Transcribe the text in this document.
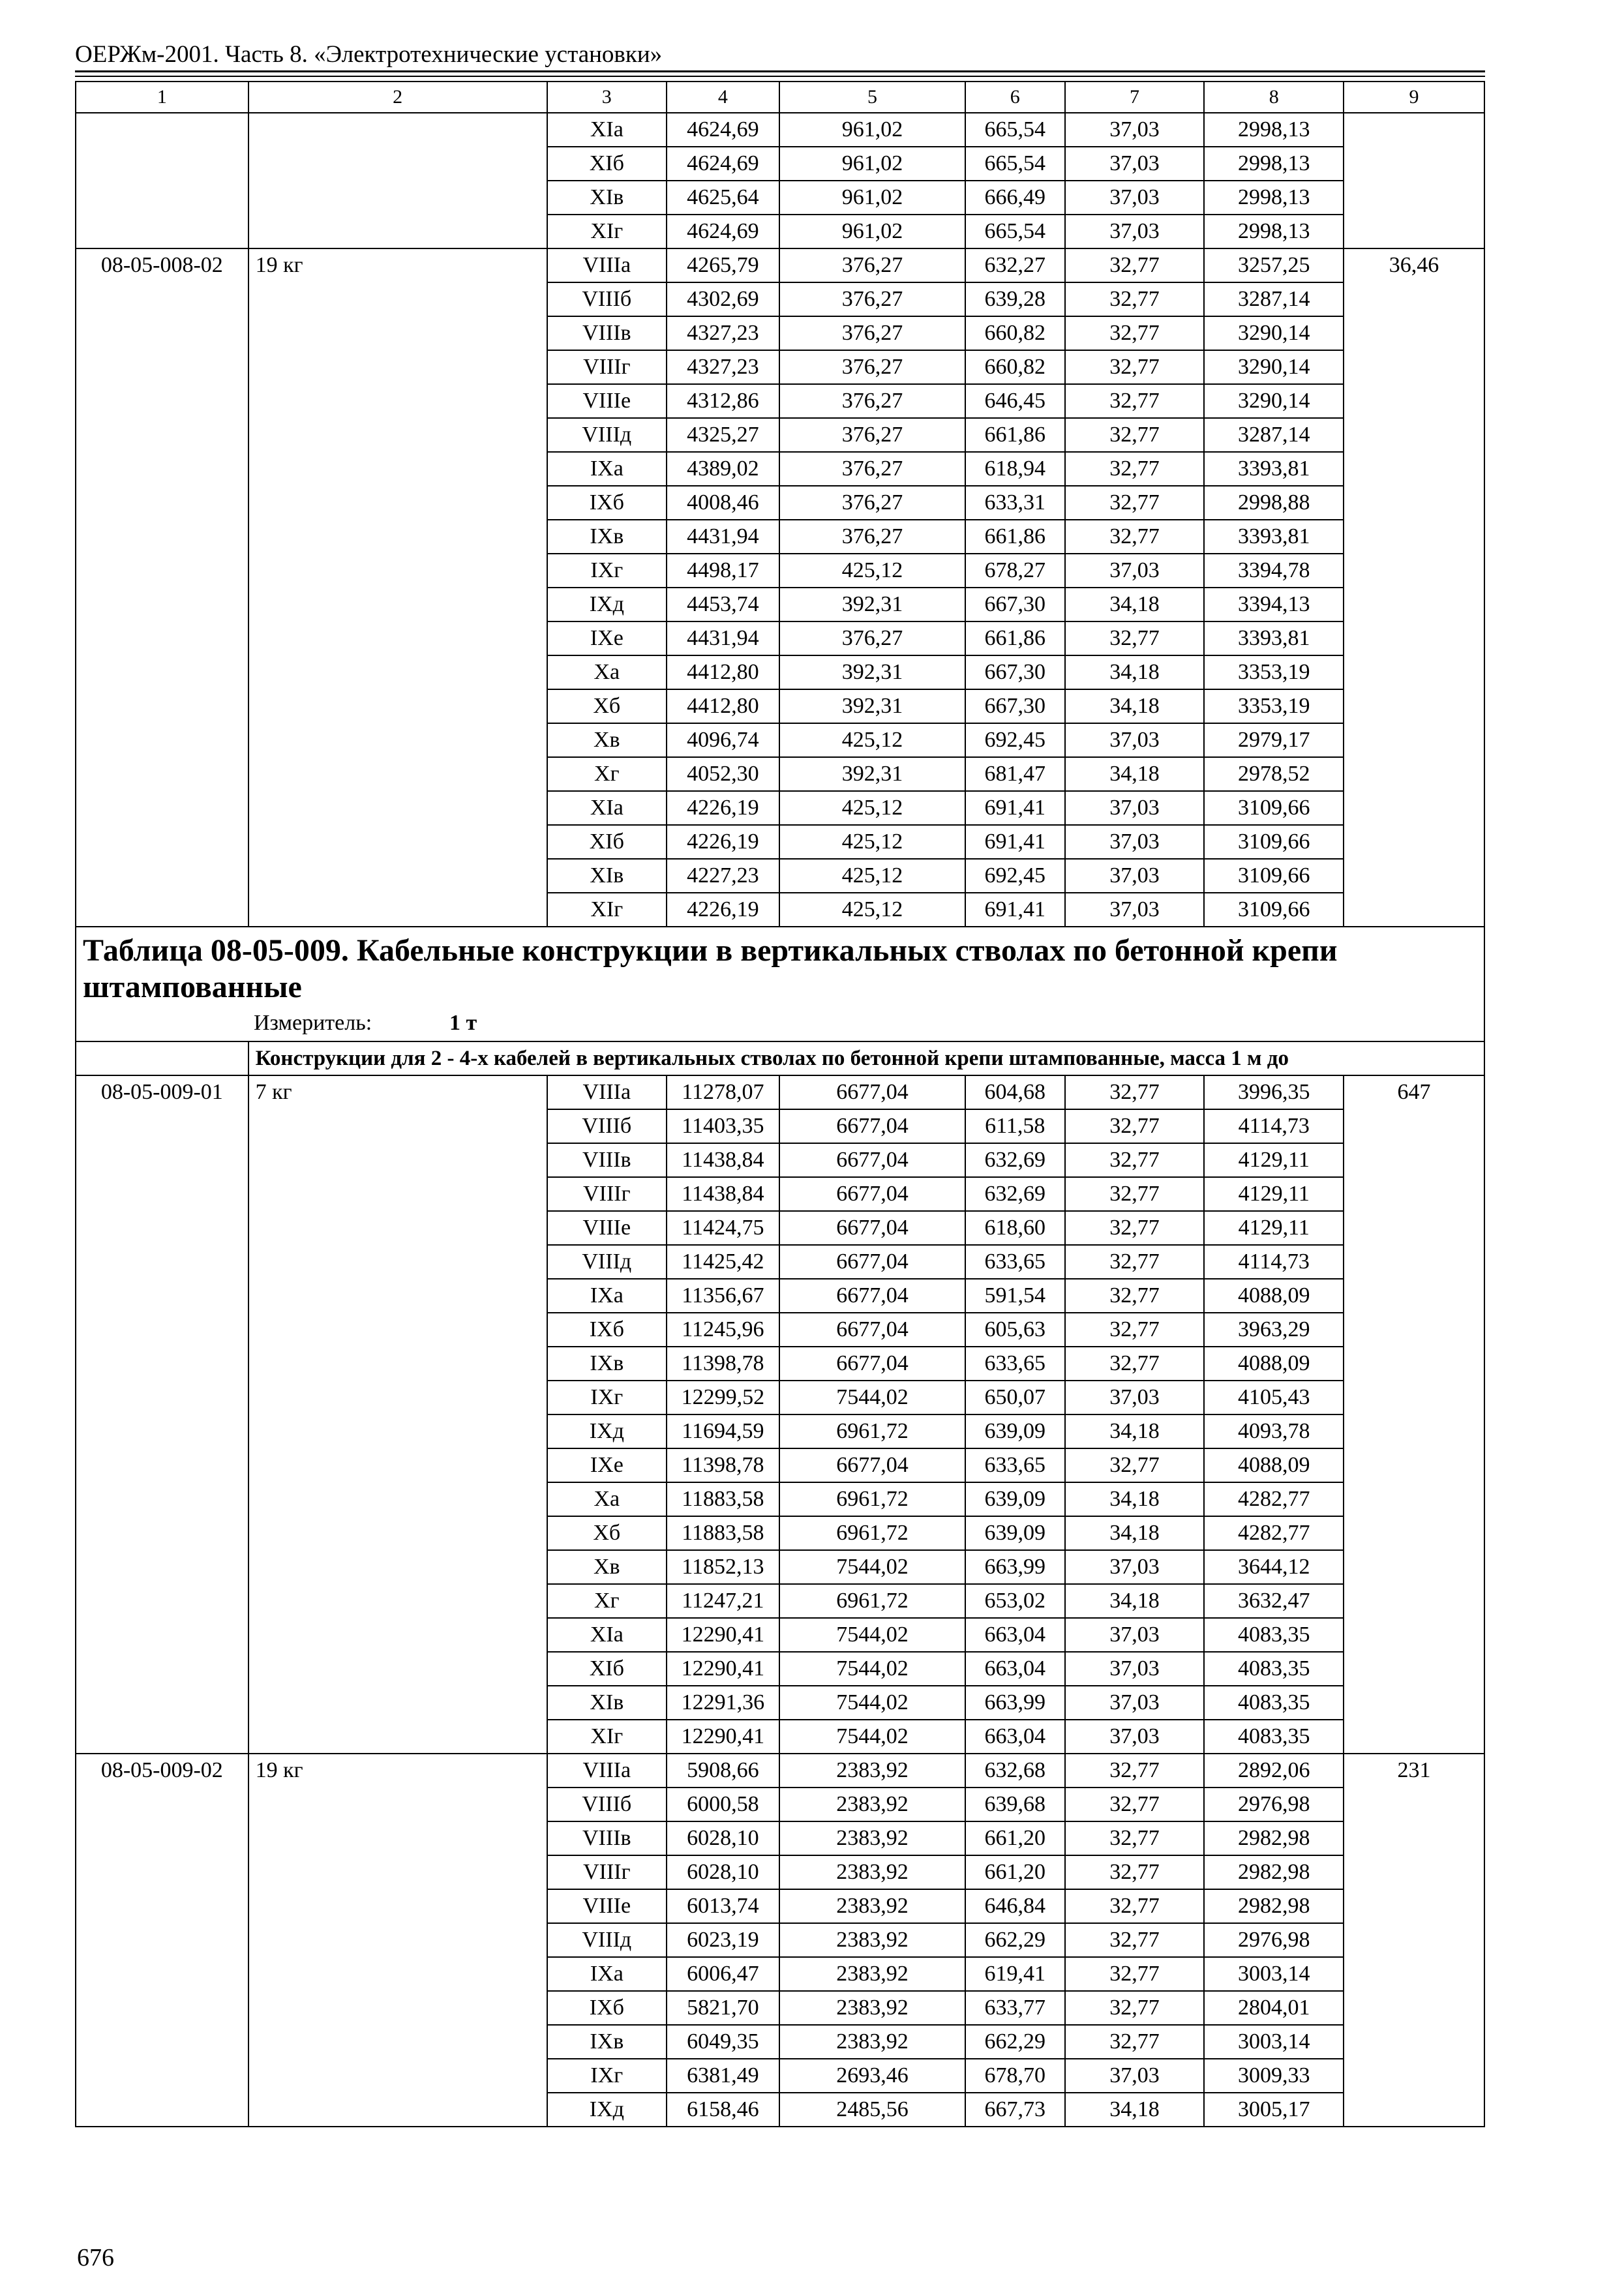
ОЕРЖм-2001. Часть 8. «Электротехнические установки»
1	2	3	4	5	6	7	8	9
		XIа	4624,69	961,02	665,54	37,03	2998,13	
		XIб	4624,69	961,02	665,54	37,03	2998,13	
		XIв	4625,64	961,02	666,49	37,03	2998,13	
		XIг	4624,69	961,02	665,54	37,03	2998,13	
08-05-008-02	19 кг	VIIIа	4265,79	376,27	632,27	32,77	3257,25	36,46
		VIIIб	4302,69	376,27	639,28	32,77	3287,14	
		VIIIв	4327,23	376,27	660,82	32,77	3290,14	
		VIIIг	4327,23	376,27	660,82	32,77	3290,14	
		VIIIе	4312,86	376,27	646,45	32,77	3290,14	
		VIIIд	4325,27	376,27	661,86	32,77	3287,14	
		IXа	4389,02	376,27	618,94	32,77	3393,81	
		IXб	4008,46	376,27	633,31	32,77	2998,88	
		IXв	4431,94	376,27	661,86	32,77	3393,81	
		IXг	4498,17	425,12	678,27	37,03	3394,78	
		IXд	4453,74	392,31	667,30	34,18	3394,13	
		IXе	4431,94	376,27	661,86	32,77	3393,81	
		Xа	4412,80	392,31	667,30	34,18	3353,19	
		Xб	4412,80	392,31	667,30	34,18	3353,19	
		Xв	4096,74	425,12	692,45	37,03	2979,17	
		Xг	4052,30	392,31	681,47	34,18	2978,52	
		XIа	4226,19	425,12	691,41	37,03	3109,66	
		XIб	4226,19	425,12	691,41	37,03	3109,66	
		XIв	4227,23	425,12	692,45	37,03	3109,66	
		XIг	4226,19	425,12	691,41	37,03	3109,66	

Таблица 08-05-009. Кабельные конструкции в вертикальных стволах по бетонной крепи штампованные
Измеритель: 1 т								

	Конструкции для 2 - 4-х кабелей в вертикальных стволах по бетонной крепи штампованные, масса 1 м до							
08-05-009-01	7 кг	VIIIа	11278,07	6677,04	604,68	32,77	3996,35	647
		VIIIб	11403,35	6677,04	611,58	32,77	4114,73	
		VIIIв	11438,84	6677,04	632,69	32,77	4129,11	
		VIIIг	11438,84	6677,04	632,69	32,77	4129,11	
		VIIIе	11424,75	6677,04	618,60	32,77	4129,11	
		VIIIд	11425,42	6677,04	633,65	32,77	4114,73	
		IXа	11356,67	6677,04	591,54	32,77	4088,09	
		IXб	11245,96	6677,04	605,63	32,77	3963,29	
		IXв	11398,78	6677,04	633,65	32,77	4088,09	
		IXг	12299,52	7544,02	650,07	37,03	4105,43	
		IXд	11694,59	6961,72	639,09	34,18	4093,78	
		IXе	11398,78	6677,04	633,65	32,77	4088,09	
		Xа	11883,58	6961,72	639,09	34,18	4282,77	
		Xб	11883,58	6961,72	639,09	34,18	4282,77	
		Xв	11852,13	7544,02	663,99	37,03	3644,12	
		Xг	11247,21	6961,72	653,02	34,18	3632,47	
		XIа	12290,41	7544,02	663,04	37,03	4083,35	
		XIб	12290,41	7544,02	663,04	37,03	4083,35	
		XIв	12291,36	7544,02	663,99	37,03	4083,35	
		XIг	12290,41	7544,02	663,04	37,03	4083,35	
08-05-009-02	19 кг	VIIIа	5908,66	2383,92	632,68	32,77	2892,06	231
		VIIIб	6000,58	2383,92	639,68	32,77	2976,98	
		VIIIв	6028,10	2383,92	661,20	32,77	2982,98	
		VIIIг	6028,10	2383,92	661,20	32,77	2982,98	
		VIIIе	6013,74	2383,92	646,84	32,77	2982,98	
		VIIIд	6023,19	2383,92	662,29	32,77	2976,98	
		IXа	6006,47	2383,92	619,41	32,77	3003,14	
		IXб	5821,70	2383,92	633,77	32,77	2804,01	
		IXв	6049,35	2383,92	662,29	32,77	3003,14	
		IXг	6381,49	2693,46	678,70	37,03	3009,33	
		IXд	6158,46	2485,56	667,73	34,18	3005,17	
676
